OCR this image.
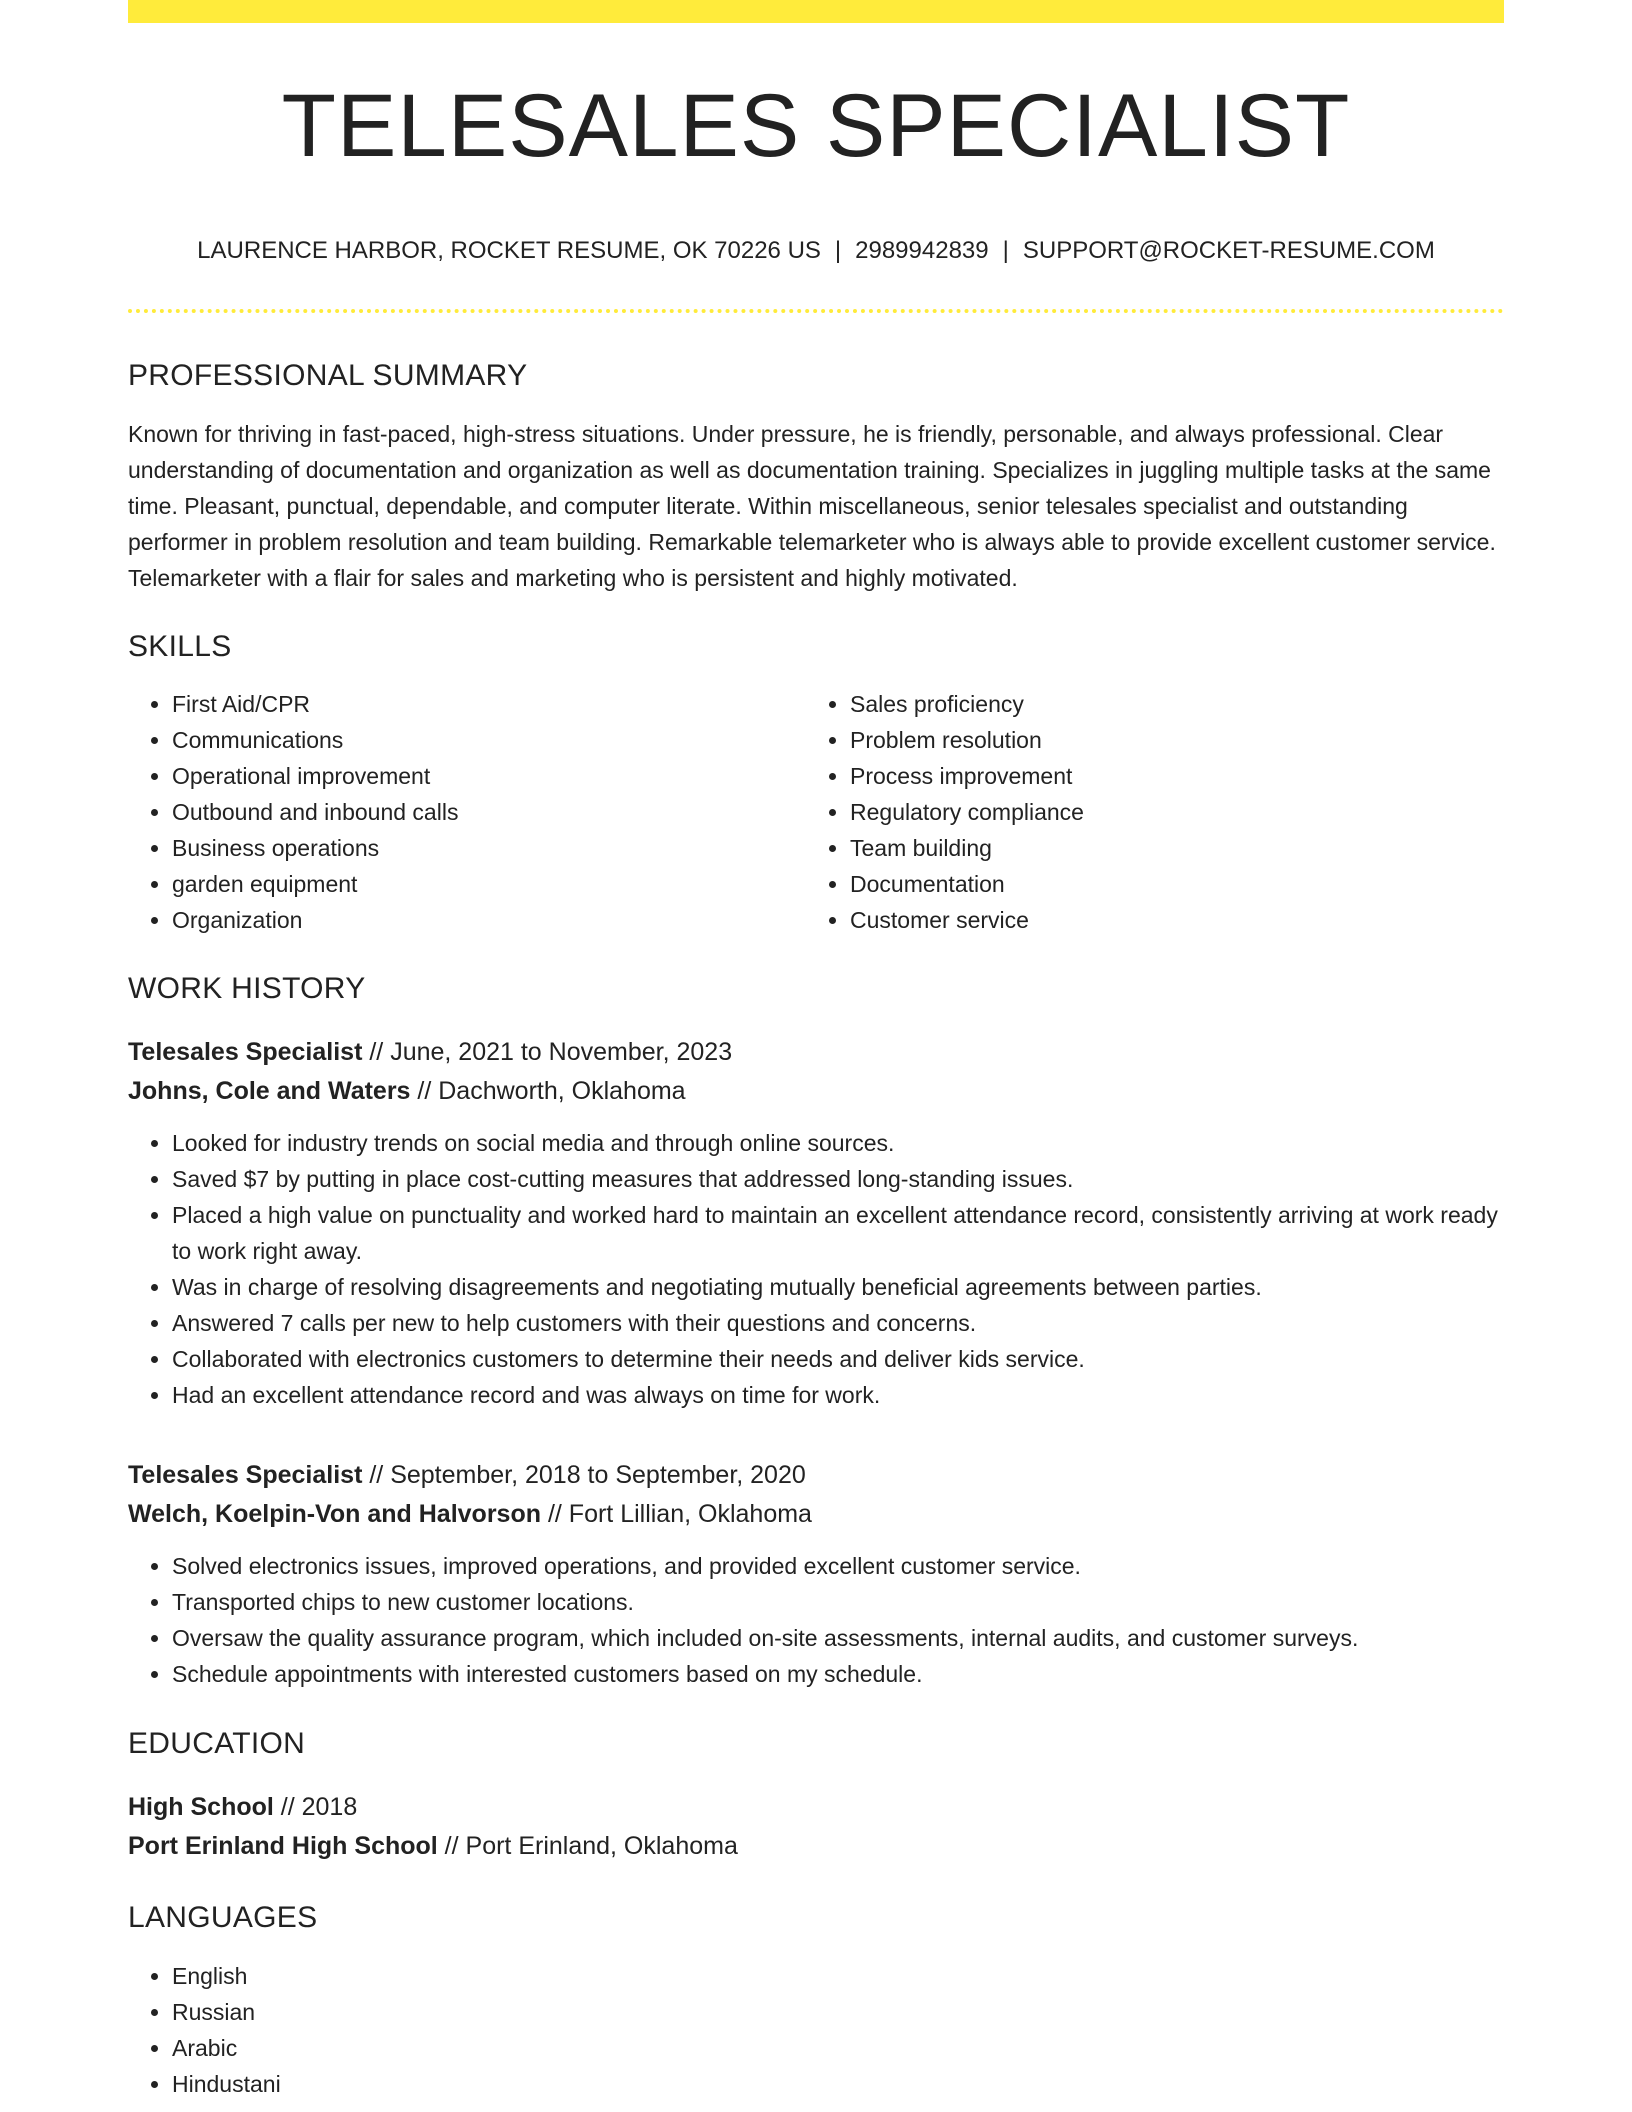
TELESALES SPECIALIST
LAURENCE HARBOR, ROCKET RESUME, OK 70226 US | 2989942839 | SUPPORT@ROCKET-RESUME.COM
PROFESSIONAL SUMMARY
Known for thriving in fast-paced, high-stress situations. Under pressure, he is friendly, personable, and always professional. Clear understanding of documentation and organization as well as documentation training. Specializes in juggling multiple tasks at the same time. Pleasant, punctual, dependable, and computer literate. Within miscellaneous, senior telesales specialist and outstanding performer in problem resolution and team building. Remarkable telemarketer who is always able to provide excellent customer service. Telemarketer with a flair for sales and marketing who is persistent and highly motivated.
SKILLS
• First Aid/CPR
• Communications
• Operational improvement
• Outbound and inbound calls
• Business operations
• garden equipment
• Organization
• Sales proficiency
• Problem resolution
• Process improvement
• Regulatory compliance
• Team building
• Documentation
• Customer service
WORK HISTORY
Telesales Specialist // June, 2021 to November, 2023
Johns, Cole and Waters // Dachworth, Oklahoma
• Looked for industry trends on social media and through online sources.
• Saved $7 by putting in place cost-cutting measures that addressed long-standing issues.
• Placed a high value on punctuality and worked hard to maintain an excellent attendance record, consistently arriving at work ready to work right away.
• Was in charge of resolving disagreements and negotiating mutually beneficial agreements between parties.
• Answered 7 calls per new to help customers with their questions and concerns.
• Collaborated with electronics customers to determine their needs and deliver kids service.
• Had an excellent attendance record and was always on time for work.
Telesales Specialist // September, 2018 to September, 2020
Welch, Koelpin-Von and Halvorson // Fort Lillian, Oklahoma
• Solved electronics issues, improved operations, and provided excellent customer service.
• Transported chips to new customer locations.
• Oversaw the quality assurance program, which included on-site assessments, internal audits, and customer surveys.
• Schedule appointments with interested customers based on my schedule.
EDUCATION
High School // 2018
Port Erinland High School // Port Erinland, Oklahoma
LANGUAGES
• English
• Russian
• Arabic
• Hindustani
